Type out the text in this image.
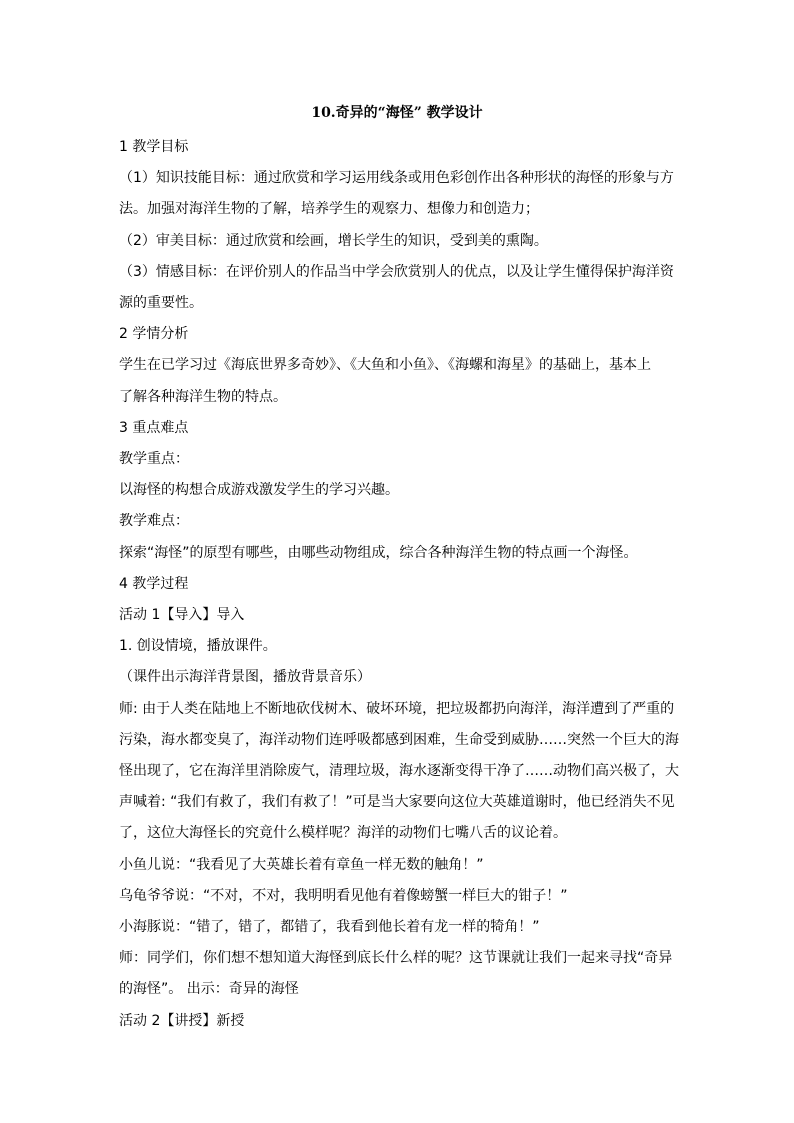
10.奇异的“海怪” 教学设计
1 教学目标
（1）知识技能目标：通过欣赏和学习运用线条或用色彩创作出各种形状的海怪的形象与方
法。加强对海洋生物的了解，培养学生的观察力、想像力和创造力；
（2）审美目标：通过欣赏和绘画，增长学生的知识，受到美的熏陶。
（3）情感目标：在评价别人的作品当中学会欣赏别人的优点，以及让学生懂得保护海洋资
源的重要性。
2 学情分析
学生在已学习过《海底世界多奇妙》、《大鱼和小鱼》、《海螺和海星》的基础上，基本上
了解各种海洋生物的特点。
3 重点难点
教学重点：
以海怪的构想合成游戏激发学生的学习兴趣。
教学难点：
探索“海怪”的原型有哪些，由哪些动物组成，综合各种海洋生物的特点画一个海怪。
4 教学过程
活动 1【导入】导入
1. 创设情境，播放课件。
（课件出示海洋背景图，播放背景音乐）
师: 由于人类在陆地上不断地砍伐树木、破坏环境，把垃圾都扔向海洋，海洋遭到了严重的
污染，海水都变臭了，海洋动物们连呼吸都感到困难，生命受到威胁……突然一个巨大的海
怪出现了，它在海洋里消除废气，清理垃圾，海水逐渐变得干净了……动物们高兴极了，大
声喊着: “我们有救了，我们有救了！”可是当大家要向这位大英雄道谢时，他已经消失不见
了，这位大海怪长的究竟什么模样呢？海洋的动物们七嘴八舌的议论着。
小鱼儿说：“我看见了大英雄长着有章鱼一样无数的触角！”
乌龟爷爷说：“不对，不对，我明明看见他有着像螃蟹一样巨大的钳子！”
小海豚说：“错了，错了，都错了，我看到他长着有龙一样的犄角！”
师：同学们，你们想不想知道大海怪到底长什么样的呢？这节课就让我们一起来寻找“奇异
的海怪”。 出示：奇异的海怪
活动 2【讲授】新授
